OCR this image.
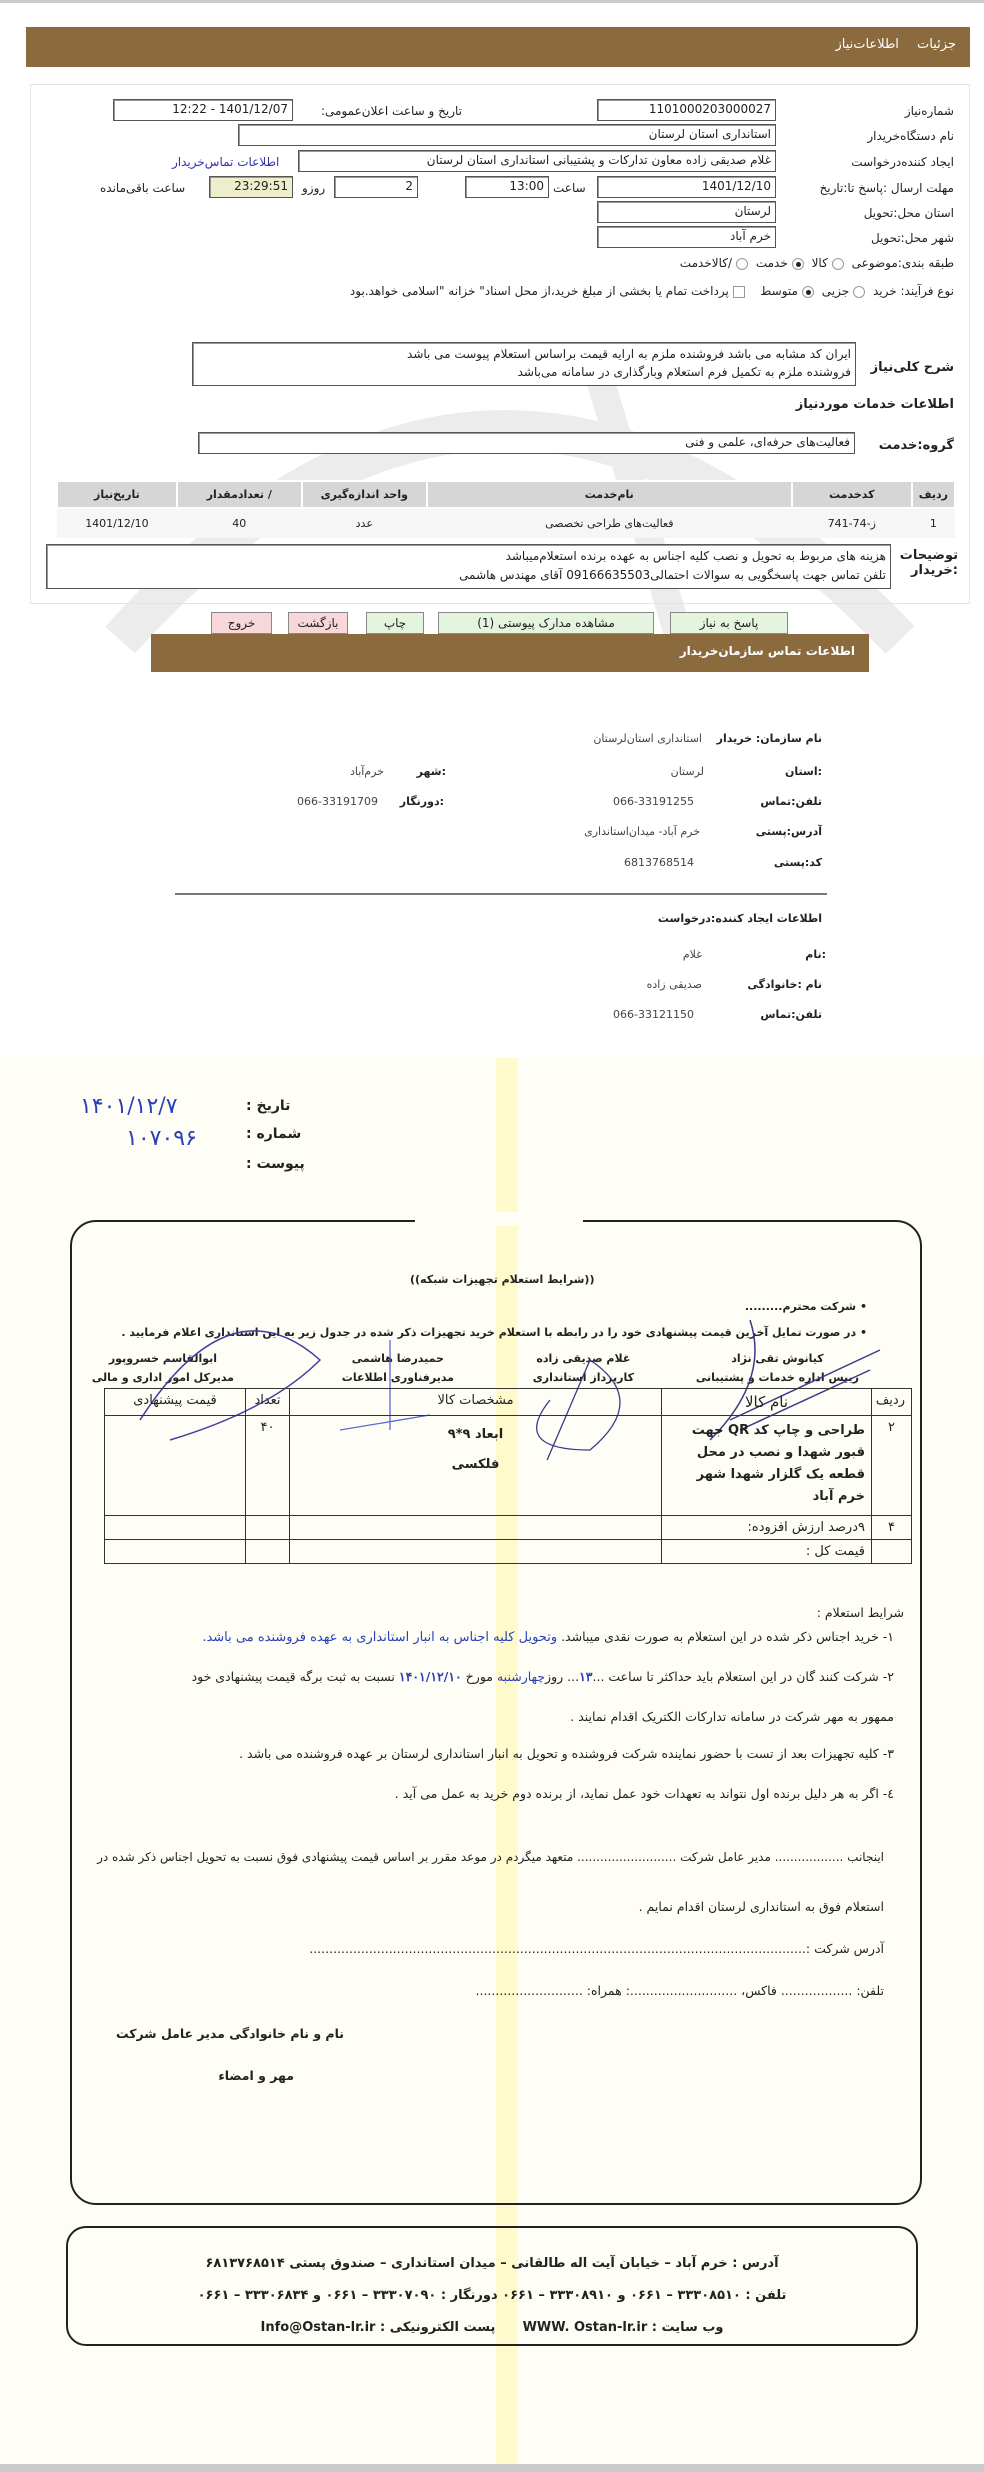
جزئیات اطلاعات‌نیاز
شماره‌نیاز
1101000203000027
تاریخ و ساعت اعلان‌عمومی:
1401/12/07 - 12:22
نام دستگاه‌خریدار
استانداری استان لرستان
ایجاد کننده‌درخواست
غلام صدیقی زاده معاون تدارکات و پشتیبانی استانداری استان لرستان
اطلاعات تماس‌خریدار
مهلت ارسال :پاسخ تا:تاریخ
1401/12/10
ساعت
13:00
2
روزو
23:29:51
ساعت باقی‌مانده
استان محل:تحویل
لرستان
شهر محل:تحویل
خرم آباد
طبقه بندی:موضوعی کالا خدمت /کالاخدمت
نوع فرآیند: خرید جزیی متوسط   پرداخت تمام یا بخشی از مبلغ خرید،از محل اسناد" خزانه "اسلامی خواهد.بود
شرح کلی‌نیاز
ایران کد مشابه می باشد فروشنده ملزم به ارایه قیمت براساس استعلام پیوست می باشد
فروشنده ملزم به تکمیل فرم استعلام وبارگذاری در سامانه می‌باشد
اطلاعات خدمات موردنیاز
گروه:خدمت
فعالیت‌های حرفه‌ای، علمی و فنی
ردیف	کدخدمت	نام‌خدمت	واحد اندازه‌گیری	/ تعدادمقدار	تاریخ‌نیاز
1	ز-74-741	فعالیت‌های طراحی تخصصی	عدد	40	1401/12/10
توضیحات :خریدار
هزینه های مربوط به تحویل و نصب کلیه اجناس به عهده برنده استعلام‌میباشد
تلفن تماس جهت پاسخگویی به سوالات احتمالی09166635503 آقای مهندس هاشمی
پاسخ به نیاز
مشاهده مدارک پیوستی (1)
چاپ
بازگشت
خروج
اطلاعات تماس سازمان‌خریدار
نام سازمان: خریدار
استانداری استان‌لرستان
:استان
لرستان
:شهر
خرم‌آباد
تلفن:تماس
066-33191255
:دورنگار
066-33191709
آدرس:پستی
خرم آباد- میدان‌استانداری
کد:پستی
6813768514
اطلاعات ایجاد کننده:درخواست
:نام
غلام
نام :خانوادگی
صدیقی زاده
تلفن:تماس
066-33121150
تاریخ :
۱۴۰۱/۱۲/۷
شماره :
۱۰۷۰۹۶
پیوست :
((شرایط استعلام تجهیزات شبکه))
• شرکت محترم.........
• در صورت تمایل آخرین قیمت پیشنهادی خود را در رابطه با استعلام خرید تجهیزات ذکر شده در جدول زیر به این استانداری اعلام فرمایید .
کیانوش تقی نژاد
رییس اداره خدمات و پشتیبانی
غلام صدیقی زاده
کارپرداز استانداری
حمیدرضا هاشمی
مدیرفناوری اطلاعات
ابوالقاسم خسروپور
مدیرکل امور اداری و مالی
ردیف	نام کالا	مشخصات کالا	تعداد	قیمت پیشنهادی
۲	طراحی و چاپ کد QR جهت قبور شهدا و نصب در محل قطعه یک گلزار شهدا شهر خرم آباد	ابعاد ۹*۹
فلکسی	۴۰	
۴	۹درصد ارزش افزوده:			
	قیمت کل :			
شرایط استعلام :
۱- خرید اجناس ذکر شده در این استعلام به صورت نقدی میباشد. وتحویل کلیه اجناس به انبار استانداری به عهده فروشنده می باشد.
۲- شرکت کنند گان در این استعلام باید حداکثر تا ساعت ...۱۳... روزچهارشنبه مورخ ۱۴۰۱/۱۲/۱۰ نسبت به ثبت برگه قیمت پیشنهادی خود
ممهور به مهر شرکت در سامانه تدارکات الکتریک اقدام نمایند .
۳- کلیه تجهیزات بعد از تست با حضور نماینده شرکت فروشنده و تحویل به انبار استانداری لرستان بر عهده فروشنده می باشد .
٤- اگر به هر دلیل برنده اول نتواند به تعهدات خود عمل نماید، از برنده دوم خرید به عمل می آید .
اینجانب .................. مدیر عامل شرکت .......................... متعهد میگردم در موعد مقرر بر اساس قیمت پیشنهادی فوق نسبت به تحویل اجناس ذکر شده در
استعلام فوق به استانداری لرستان اقدام نمایم .
آدرس شرکت :.............................................................................................................................
تلفن: .................. فاکس، ...........................: همراه: ...........................
نام و نام خانوادگی مدیر عامل شرکت
مهر و امضاء
آدرس : خرم آباد – خیابان آیت اله طالقانی – میدان استانداری – صندوق پستی ۶۸۱۳۷۶۸۵۱۴
تلفن : ۳۳۳۰۸۵۱۰ – ۰۶۶۱ و ۳۳۳۰۸۹۱۰ – ۰۶۶۱ دورنگار : ۳۳۳۰۷۰۹۰ – ۰۶۶۱ و ۳۳۳۰۶۸۳۴ – ۰۶۶۱
وب سایت : WWW. Ostan-lr.ir      پست الکترونیکی : Info@Ostan-lr.ir
